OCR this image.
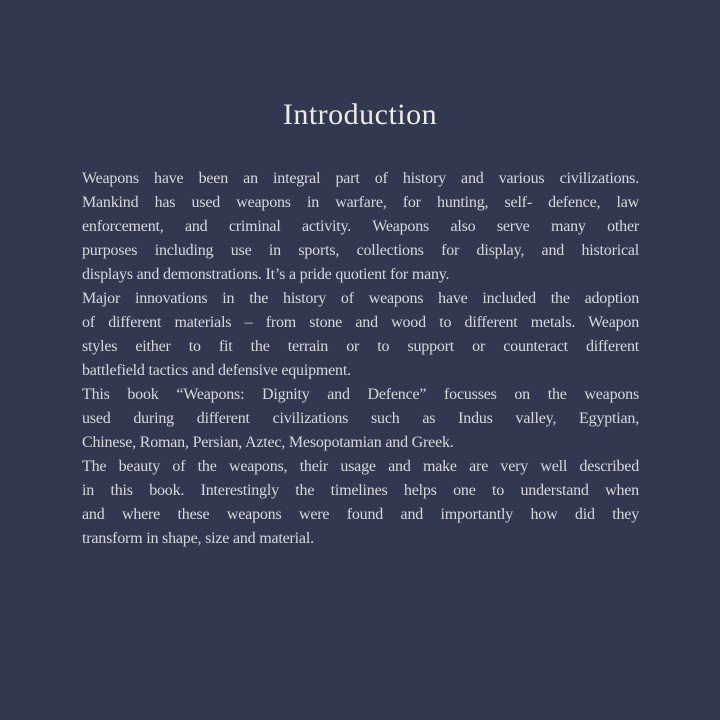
Introduction
Weapons have been an integral part of history and various civilizations.
Mankind has used weapons in warfare, for hunting, self- defence, law
enforcement, and criminal activity. Weapons also serve many other
purposes including use in sports, collections for display, and historical
displays and demonstrations. It’s a pride quotient for many.
Major innovations in the history of weapons have included the adoption
of different materials – from stone and wood to different metals. Weapon
styles either to fit the terrain or to support or counteract different
battlefield tactics and defensive equipment.
This book “Weapons: Dignity and Defence” focusses on the weapons
used during different civilizations such as Indus valley, Egyptian,
Chinese, Roman, Persian, Aztec, Mesopotamian and Greek.
The beauty of the weapons, their usage and make are very well described
in this book. Interestingly the timelines helps one to understand when
and where these weapons were found and importantly how did they
transform in shape, size and material.
